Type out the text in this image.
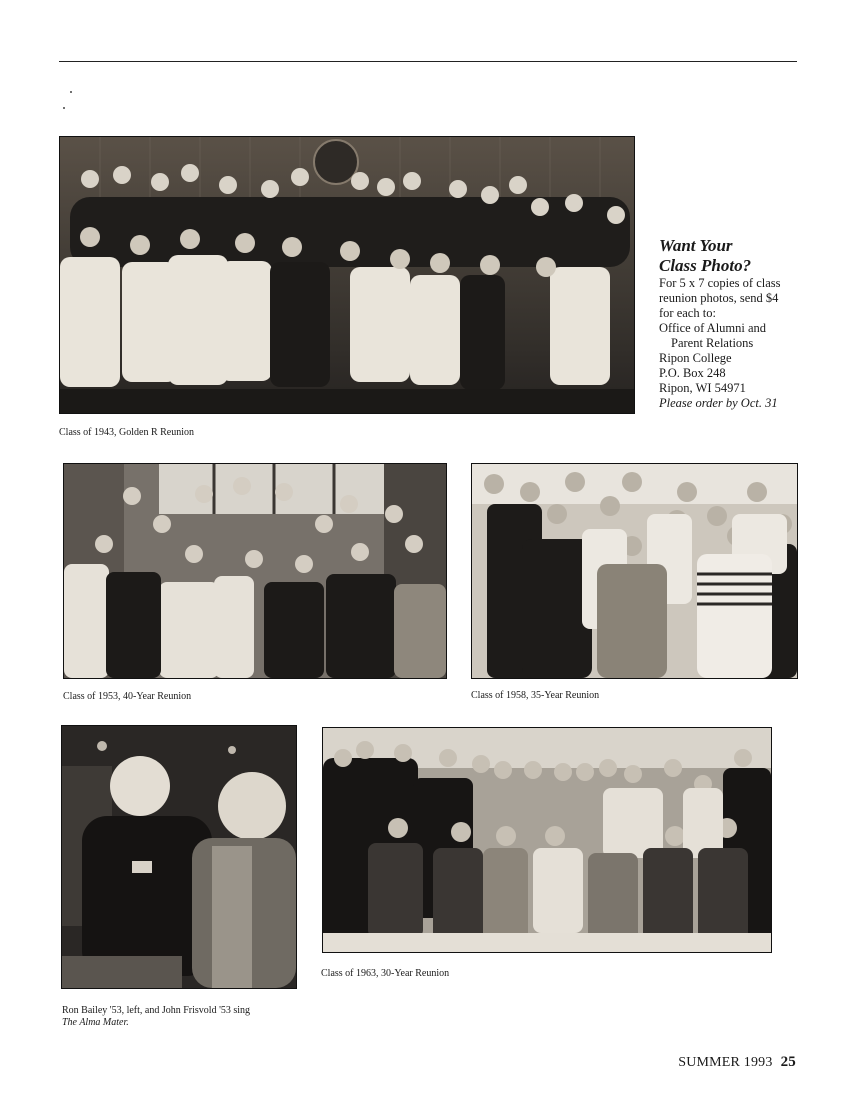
Class of 1943, Golden R Reunion
Want Your
Class Photo?
For 5 x 7 copies of class
reunion photos, send $4
for each to:
Office of Alumni and
Parent Relations
Ripon College
P.O. Box 248
Ripon, WI 54971
Please order by Oct. 31
Class of 1953, 40-Year Reunion	Class of 1958, 35-Year Reunion
Ron Bailey '53, left, and John Frisvold '53 sing
The Alma Mater.
Class of 1963, 30-Year Reunion
SUMMER 1993 25
